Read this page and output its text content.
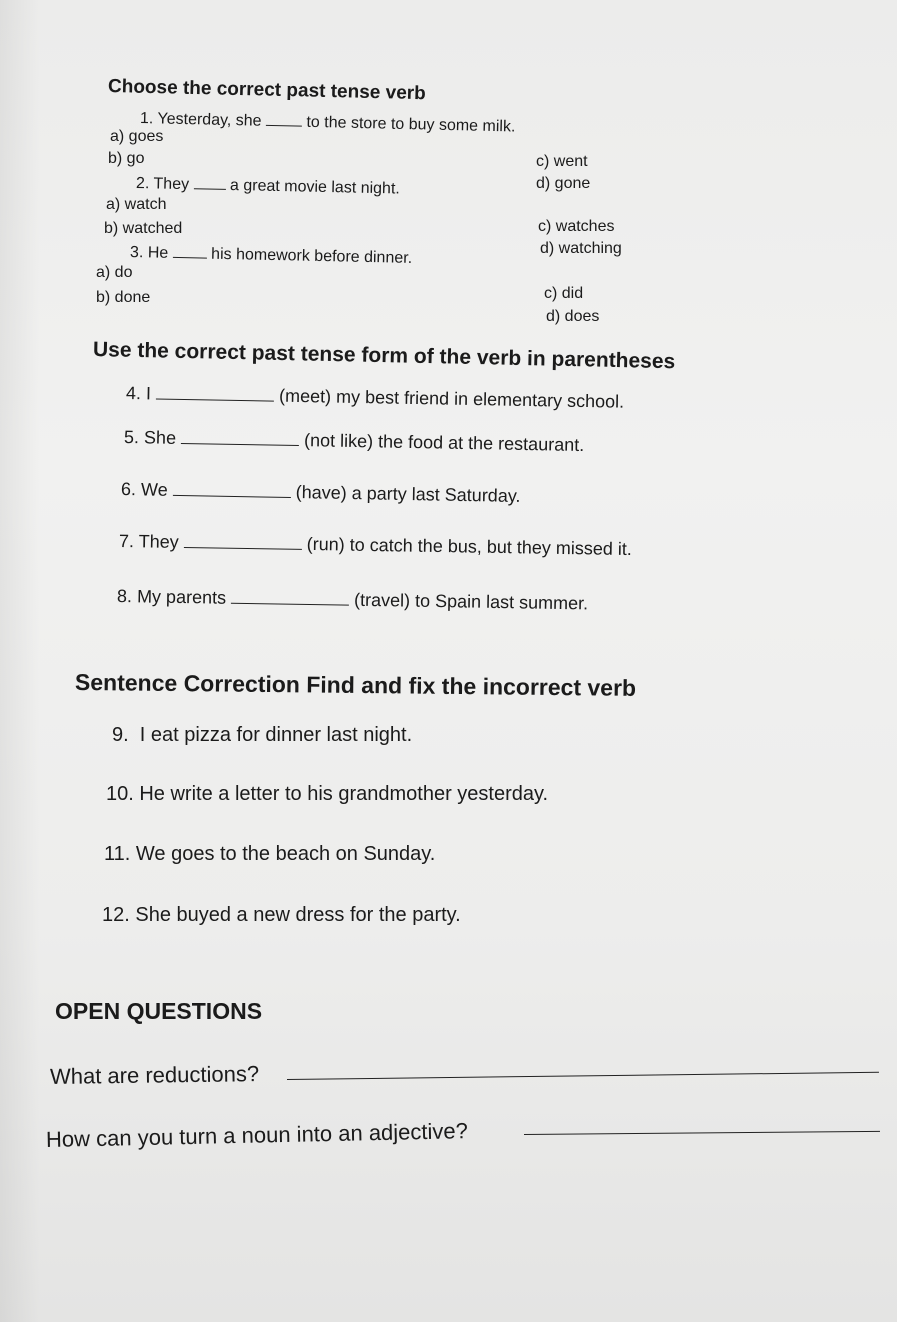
Choose the correct past tense verb
1. Yesterday, she	to the store to buy some milk.
a) goes
b) go	c) went
d) gone
2. They	a great movie last night.
a) watch
b) watched	c) watches
d) watching
3. He	his homework before dinner.
a) do
b) done	c) did
d) does
Use the correct past tense form of the verb in parentheses
4. I	(meet) my best friend in elementary school.
5. She	(not like) the food at the restaurant.
6. We	(have) a party last Saturday.
7. They	(run) to catch the bus, but they missed it.
8. My parents	(travel) to Spain last summer.
Sentence Correction Find and fix the incorrect verb
9.  I eat pizza for dinner last night.
10. He write a letter to his grandmother yesterday.
11. We goes to the beach on Sunday.
12. She buyed a new dress for the party.
OPEN QUESTIONS
What are reductions?
How can you turn a noun into an adjective?
